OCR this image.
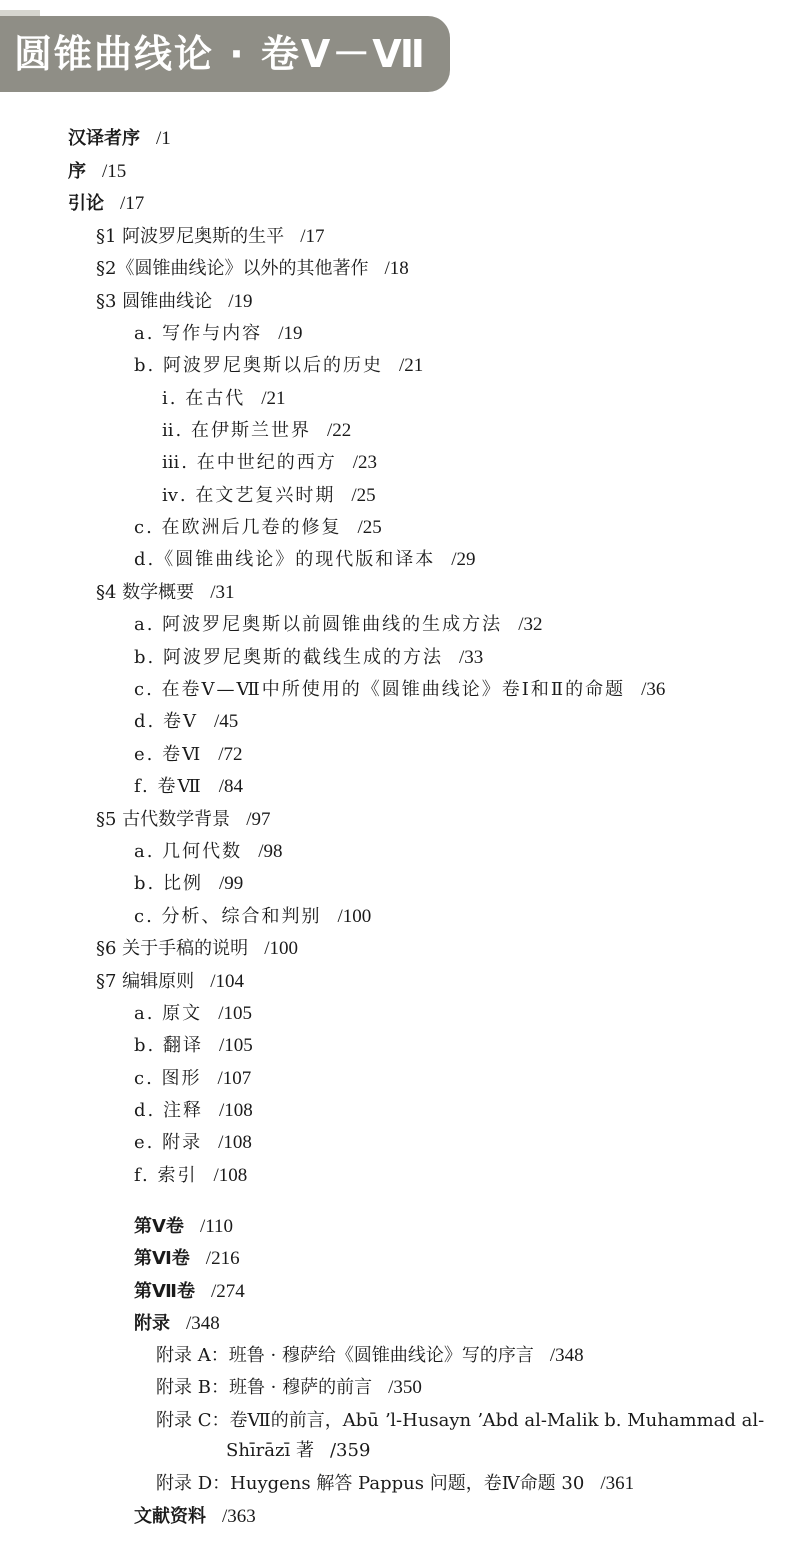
圆锥曲线论 · 卷Ⅴ－Ⅶ
汉译者序 /1
序 /15
引论 /17
§1 阿波罗尼奥斯的生平 /17
§2《圆锥曲线论》以外的其他著作 /18
§3 圆锥曲线论 /19
a. 写作与内容 /19
b. 阿波罗尼奥斯以后的历史 /21
ⅰ. 在古代 /21
ⅱ. 在伊斯兰世界 /22
ⅲ. 在中世纪的西方 /23
ⅳ. 在文艺复兴时期 /25
c. 在欧洲后几卷的修复 /25
d.《圆锥曲线论》的现代版和译本 /29
§4 数学概要 /31
a. 阿波罗尼奥斯以前圆锥曲线的生成方法 /32
b. 阿波罗尼奥斯的截线生成的方法 /33
c. 在卷Ⅴ—Ⅶ中所使用的《圆锥曲线论》卷Ⅰ和Ⅱ的命题 /36
d. 卷Ⅴ /45
e. 卷Ⅵ /72
f. 卷Ⅶ /84
§5 古代数学背景 /97
a. 几何代数 /98
b. 比例 /99
c. 分析、综合和判别 /100
§6 关于手稿的说明 /100
§7 编辑原则 /104
a. 原文 /105
b. 翻译 /105
c. 图形 /107
d. 注释 /108
e. 附录 /108
f. 索引 /108
第Ⅴ卷 /110
第Ⅵ卷 /216
第Ⅶ卷 /274
附录 /348
附录 A：班鲁 · 穆萨给《圆锥曲线论》写的序言 /348
附录 B：班鲁 · 穆萨的前言 /350
附录 C：卷Ⅶ的前言，Abū ʼl-Husayn ʼAbd al-Malik b. Muhammad al-
附录 D：Huygens 解答 Pappus 问题，卷Ⅳ命题 30 /361
文献资料 /363
Shīrāzī 著 /359
